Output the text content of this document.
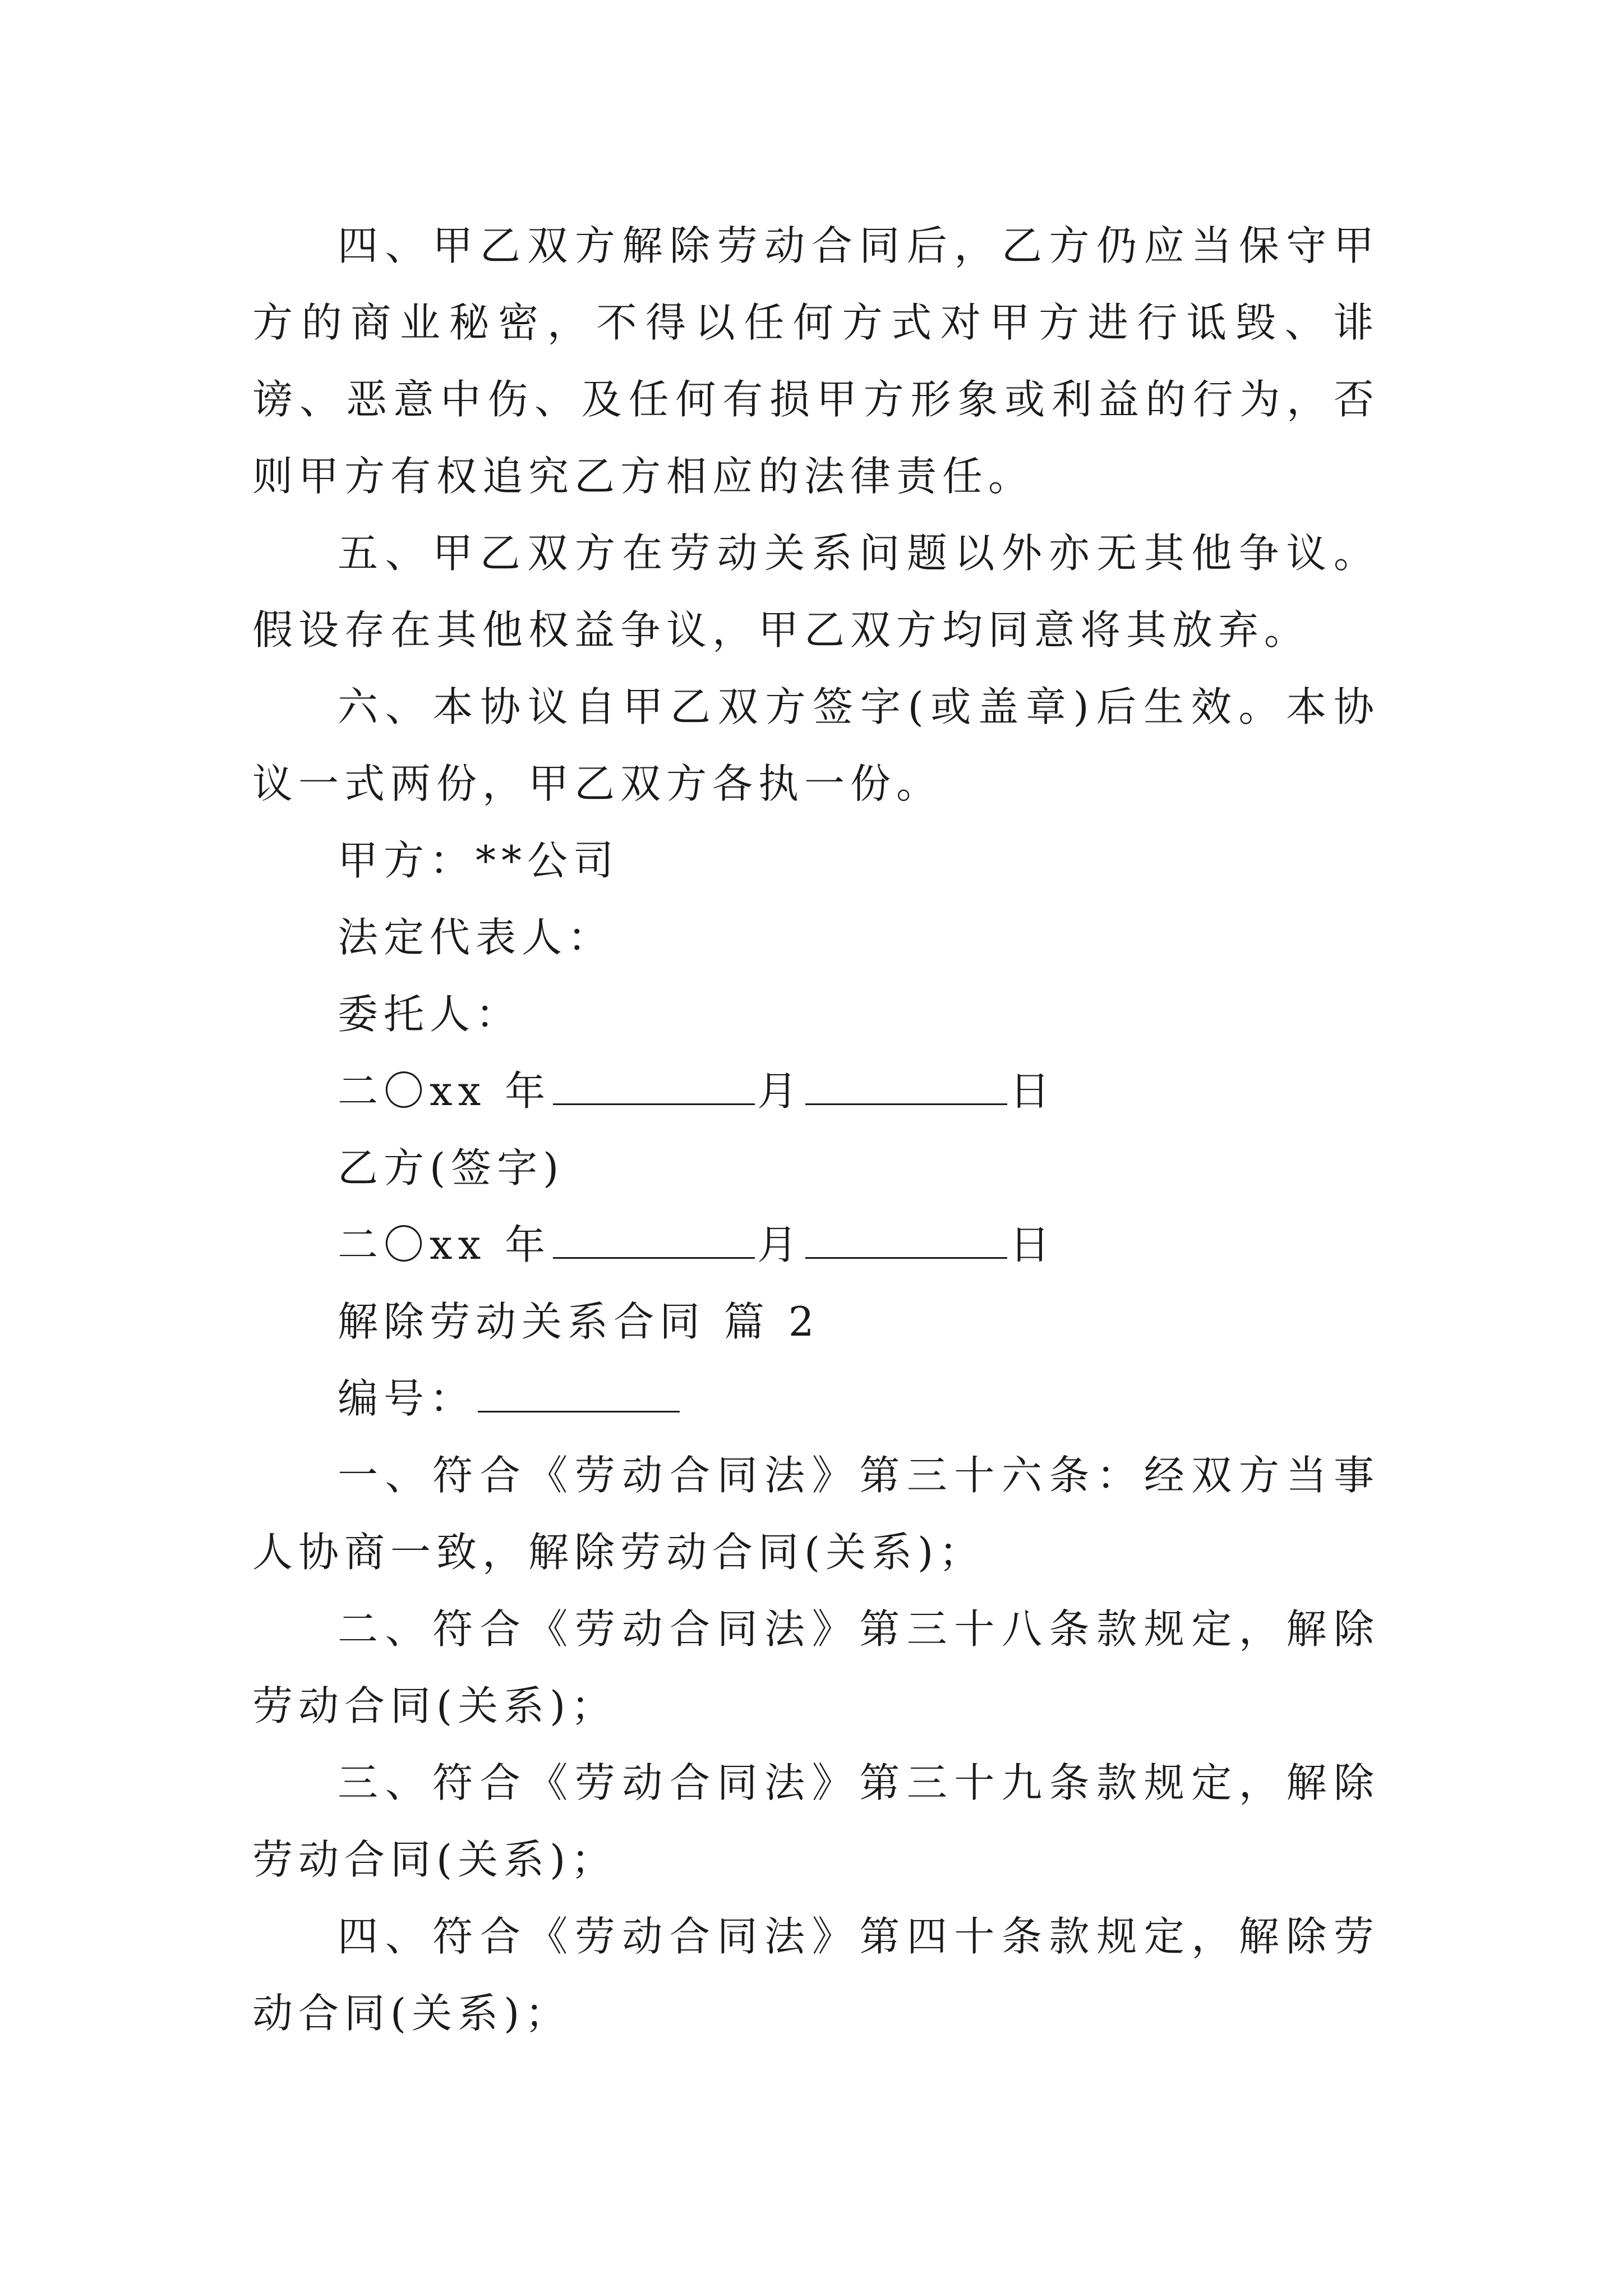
四、甲乙双方解除劳动合同后，乙方仍应当保守甲方的商业秘密，不得以任何方式对甲方进行诋毁、诽谤、恶意中伤、及任何有损甲方形象或利益的行为，否则甲方有权追究乙方相应的法律责任。

五、甲乙双方在劳动关系问题以外亦无其他争议。假设存在其他权益争议，甲乙双方均同意将其放弃。

六、本协议自甲乙双方签字(或盖章)后生效。本协议一式两份，甲乙双方各执一份。

甲方：**公司
法定代表人：
委托人：
二〇xx 年	月	日
乙方(签字)
二〇xx 年	月	日
解除劳动关系合同 篇 2
编号：

一、符合《劳动合同法》第三十六条：经双方当事人协商一致，解除劳动合同(关系)；

二、符合《劳动合同法》第三十八条款规定，解除劳动合同(关系)；

三、符合《劳动合同法》第三十九条款规定，解除劳动合同(关系)；

四、符合《劳动合同法》第四十条款规定，解除劳动合同(关系)；
